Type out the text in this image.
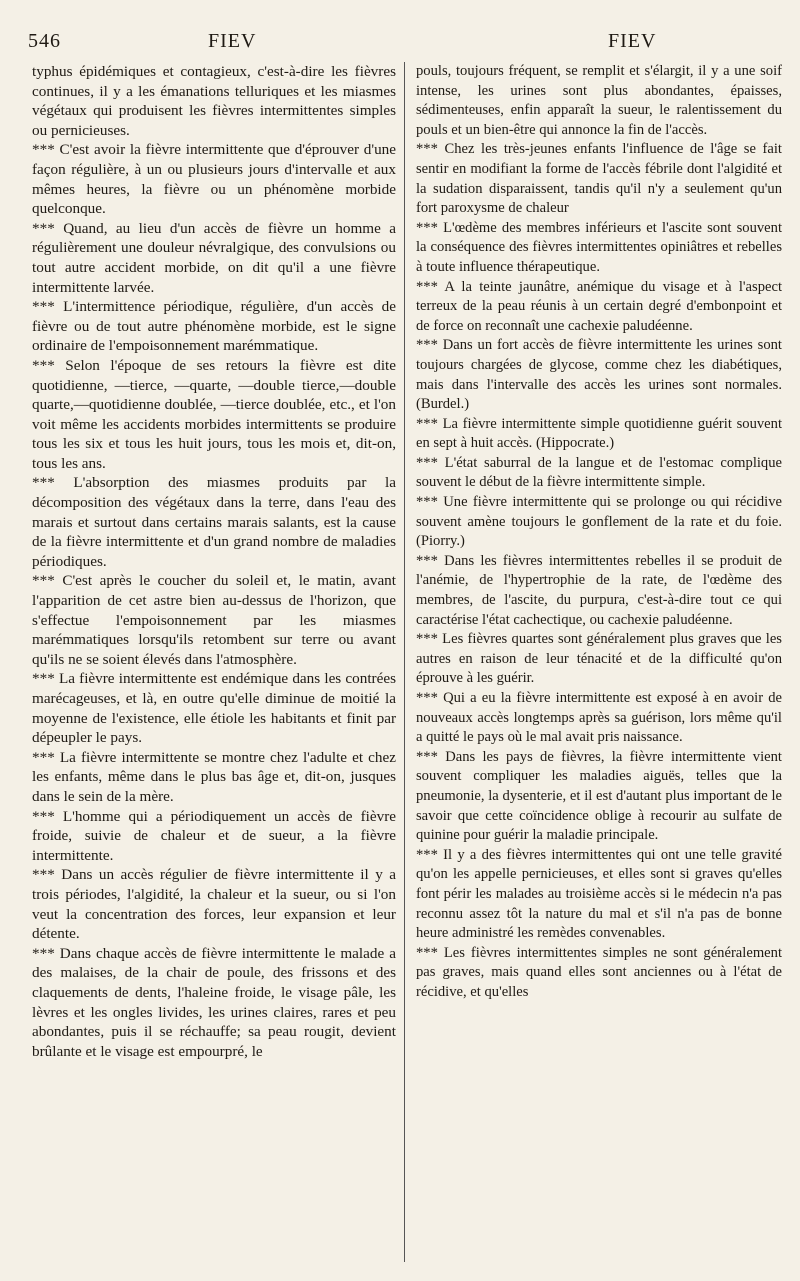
546	FIEV	FIEV

typhus épidémiques et contagieux, c'est-à-dire les fièvres continues, il y a les émanations telluriques et les miasmes végétaux qui produisent les fièvres intermittentes simples ou pernicieuses.

*** C'est avoir la fièvre intermittente que d'éprouver d'une façon régulière, à un ou plusieurs jours d'intervalle et aux mêmes heures, la fièvre ou un phénomène morbide quelconque.

*** Quand, au lieu d'un accès de fièvre un homme a régulièrement une douleur névralgique, des convulsions ou tout autre accident morbide, on dit qu'il a une fièvre intermittente larvée.

*** L'intermittence périodique, régulière, d'un accès de fièvre ou de tout autre phénomène morbide, est le signe ordinaire de l'empoisonnement marémmatique.

*** Selon l'époque de ses retours la fièvre est dite quotidienne, —tierce, —quarte, —double tierce,—double quarte,—quotidienne doublée, —tierce doublée, etc., et l'on voit même les accidents morbides intermittents se produire tous les six et tous les huit jours, tous les mois et, dit-on, tous les ans.

*** L'absorption des miasmes produits par la décomposition des végétaux dans la terre, dans l'eau des marais et surtout dans certains marais salants, est la cause de la fièvre intermittente et d'un grand nombre de maladies périodiques.

*** C'est après le coucher du soleil et, le matin, avant l'apparition de cet astre bien au-dessus de l'horizon, que s'effectue l'empoisonnement par les miasmes marémmatiques lorsqu'ils retombent sur terre ou avant qu'ils ne se soient élevés dans l'atmosphère.

*** La fièvre intermittente est endémique dans les contrées marécageuses, et là, en outre qu'elle diminue de moitié la moyenne de l'existence, elle étiole les habitants et finit par dépeupler le pays.

*** La fièvre intermittente se montre chez l'adulte et chez les enfants, même dans le plus bas âge et, dit-on, jusques dans le sein de la mère.

*** L'homme qui a périodiquement un accès de fièvre froide, suivie de chaleur et de sueur, a la fièvre intermittente.

*** Dans un accès régulier de fièvre intermittente il y a trois périodes, l'algidité, la chaleur et la sueur, ou si l'on veut la concentration des forces, leur expansion et leur détente.

*** Dans chaque accès de fièvre intermittente le malade a des malaises, de la chair de poule, des frissons et des claquements de dents, l'haleine froide, le visage pâle, les lèvres et les ongles livides, les urines claires, rares et peu abondantes, puis il se réchauffe; sa peau rougit, devient brûlante et le visage est empourpré, le

pouls, toujours fréquent, se remplit et s'élargit, il y a une soif intense, les urines sont plus abondantes, épaisses, sédimenteuses, enfin apparaît la sueur, le ralentissement du pouls et un bien-être qui annonce la fin de l'accès.

*** Chez les très-jeunes enfants l'influence de l'âge se fait sentir en modifiant la forme de l'accès fébrile dont l'algidité et la sudation disparaissent, tandis qu'il n'y a seulement qu'un fort paroxysme de chaleur

*** L'œdème des membres inférieurs et l'ascite sont souvent la conséquence des fièvres intermittentes opiniâtres et rebelles à toute influence thérapeutique.

*** A la teinte jaunâtre, anémique du visage et à l'aspect terreux de la peau réunis à un certain degré d'embonpoint et de force on reconnaît une cachexie paludéenne.

*** Dans un fort accès de fièvre intermittente les urines sont toujours chargées de glycose, comme chez les diabétiques, mais dans l'intervalle des accès les urines sont normales. (Burdel.)

*** La fièvre intermittente simple quotidienne guérit souvent en sept à huit accès. (Hippocrate.)

*** L'état saburral de la langue et de l'estomac complique souvent le début de la fièvre intermittente simple.

*** Une fièvre intermittente qui se prolonge ou qui récidive souvent amène toujours le gonflement de la rate et du foie. (Piorry.)

*** Dans les fièvres intermittentes rebelles il se produit de l'anémie, de l'hypertrophie de la rate, de l'œdème des membres, de l'ascite, du purpura, c'est-à-dire tout ce qui caractérise l'état cachectique, ou cachexie paludéenne.

*** Les fièvres quartes sont généralement plus graves que les autres en raison de leur ténacité et de la difficulté qu'on éprouve à les guérir.

*** Qui a eu la fièvre intermittente est exposé à en avoir de nouveaux accès longtemps après sa guérison, lors même qu'il a quitté le pays où le mal avait pris naissance.

*** Dans les pays de fièvres, la fièvre intermittente vient souvent compliquer les maladies aiguës, telles que la pneumonie, la dysenterie, et il est d'autant plus important de le savoir que cette coïncidence oblige à recourir au sulfate de quinine pour guérir la maladie principale.

*** Il y a des fièvres intermittentes qui ont une telle gravité qu'on les appelle pernicieuses, et elles sont si graves qu'elles font périr les malades au troisième accès si le médecin n'a pas reconnu assez tôt la nature du mal et s'il n'a pas de bonne heure administré les remèdes convenables.

*** Les fièvres intermittentes simples ne sont généralement pas graves, mais quand elles sont anciennes ou à l'état de récidive, et qu'elles
